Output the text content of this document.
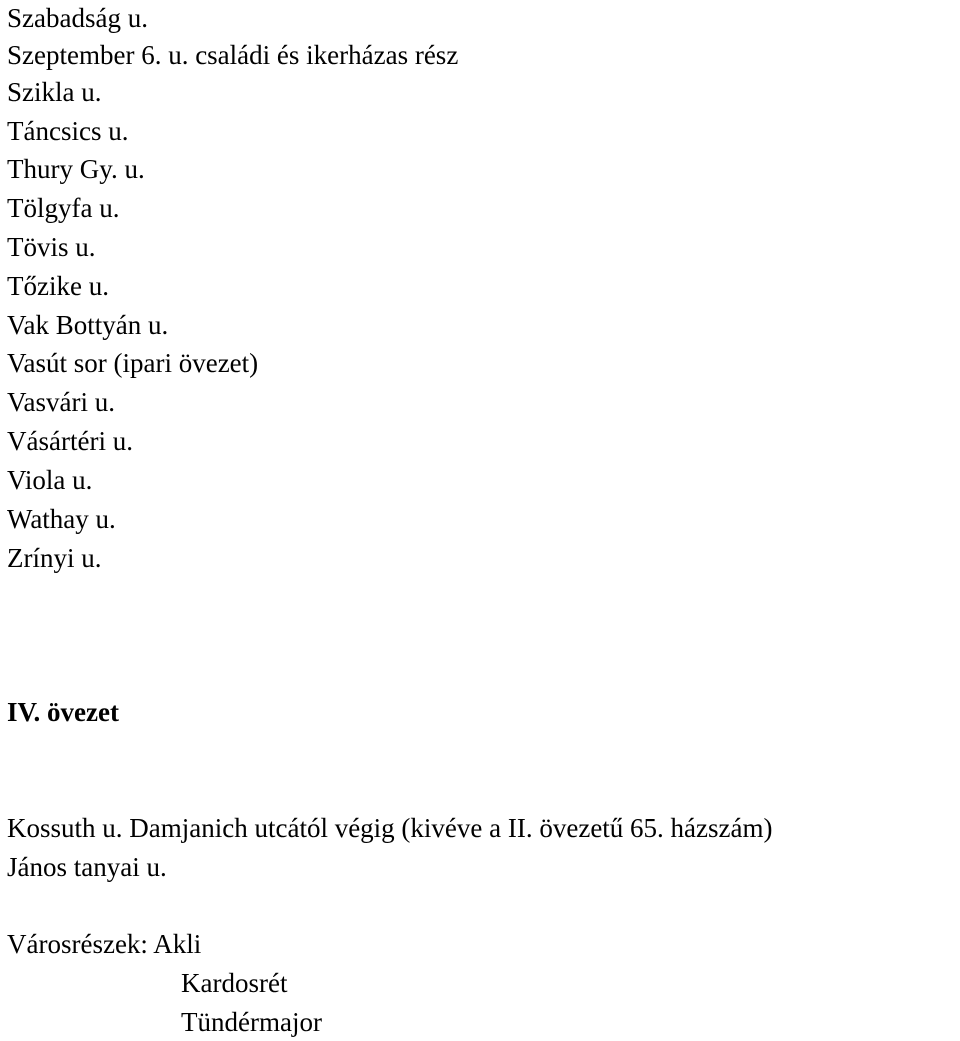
Szabadság u.

Szeptember 6. u. családi és ikerházas rész

Szikla u.

Táncsics u.

Thury Gy. u.

Tölgyfa u.

Tövis u.

Tőzike u.

Vak Bottyán u.

Vasút sor (ipari övezet)

Vasvári u.

Vásártéri u.

Viola u.

Wathay u.

Zrínyi u.

IV. övezet

Kossuth u. Damjanich utcától végig (kivéve a II. övezetű 65. házszám)

János tanyai u.

Városrészek: Akli

Kardosrét

Tündérmajor
